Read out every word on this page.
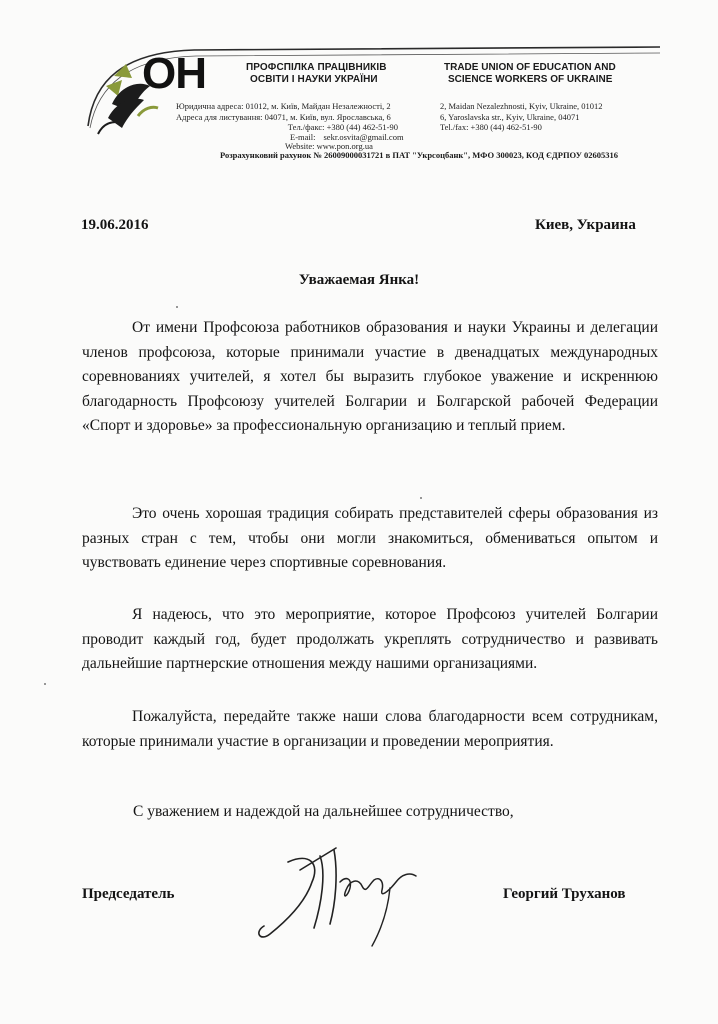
ОН	ПРОФСПІЛКА ПРАЦІВНИКІВ
ОСВІТИ І НАУКИ УКРАЇНИ
TRADE UNION OF EDUCATION AND
SCIENCE WORKERS OF UKRAINE
Юридична адреса: 01012, м. Київ, Майдан Незалежності, 2
Адреса для листування: 04071, м. Київ, вул. Ярославська, 6
Тел./факс: +380 (44) 462-51-90
2, Maidan Nezalezhnosti, Kyiv, Ukraine, 01012
6, Yaroslavska str., Kyiv, Ukraine, 04071
Tel./fax: +380 (44) 462-51-90
E-mail: sekr.osvita@gmail.com
Website: www.pon.org.ua
Розрахунковий рахунок № 26009000031721 в ПАТ "Укрсоцбанк", МФО 300023, КОД ЄДРПОУ 02605316
19.06.2016	Киев, Украина
Уважаемая Янка!

От имени Профсоюза работников образования и науки Украины и делегации членов профсоюза, которые принимали участие в двенадцатых международных соревнованиях учителей, я хотел бы выразить глубокое уважение и искреннюю благодарность Профсоюзу учителей Болгарии и Болгарской рабочей Федерации «Спорт и здоровье» за профессиональную организацию и теплый прием.

Это очень хорошая традиция собирать представителей сферы образования из разных стран с тем, чтобы они могли знакомиться, обмениваться опытом и чувствовать единение через спортивные соревнования.

Я надеюсь, что это мероприятие, которое Профсоюз учителей Болгарии проводит каждый год, будет продолжать укреплять сотрудничество и развивать дальнейшие партнерские отношения между нашими организациями.

Пожалуйста, передайте также наши слова благодарности всем сотрудникам, которые принимали участие в организации и проведении мероприятия.

С уважением и надеждой на дальнейшее сотрудничество,
Председатель	Георгий Труханов
